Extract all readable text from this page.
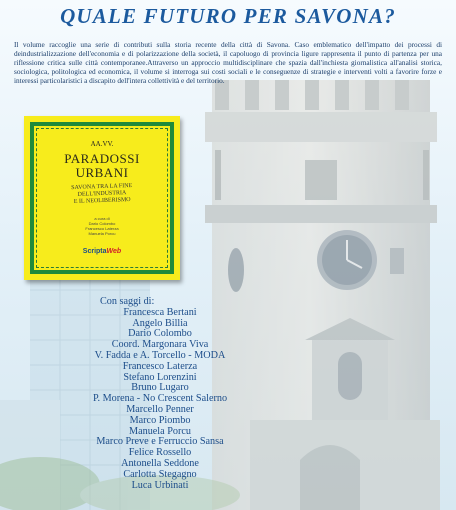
QUALE FUTURO PER SAVONA?
Il volume raccoglie una serie di contributi sulla storia recente della città di Savona. Caso emblematico dell'impatto dei processi di deindustrializzazione dell'economia e di polarizzazione della società, il capoluogo di provincia ligure rappresenta il punto di partenza per una riflessione critica sulle città contemporanee.Attraverso un approccio multidisciplinare che spazia dall'inchiesta giornalistica all'analisi storica, sociologica, politologica ed economica, il volume si interroga sui costi sociali e le conseguenze di strategie e interventi volti a favorire forze e interessi particolaristici a discapito dell'intera collettività e del territorio.
AA.VV.
PARADOSSI
URBANI
SAVONA TRA LA FINE
DELL'INDUSTRIA
E IL NEOLIBERISMO
a cura di
Dario Colombo
Francesco Laterza
Manuela Porcu
ScriptaWeb
Con saggi di:
Francesca Bertani
Angelo Billia
Dario Colombo
Coord. Margonara Viva
V. Fadda e A. Torcello - MODA
Francesco Laterza
Stefano Lorenzini
Bruno Lugaro
P. Morena - No Crescent Salerno
Marcello Penner
Marco Piombo
Manuela Porcu
Marco Preve e Ferruccio Sansa
Felice Rossello
Antonella Seddone
Carlotta Stegagno
Luca Urbinati
